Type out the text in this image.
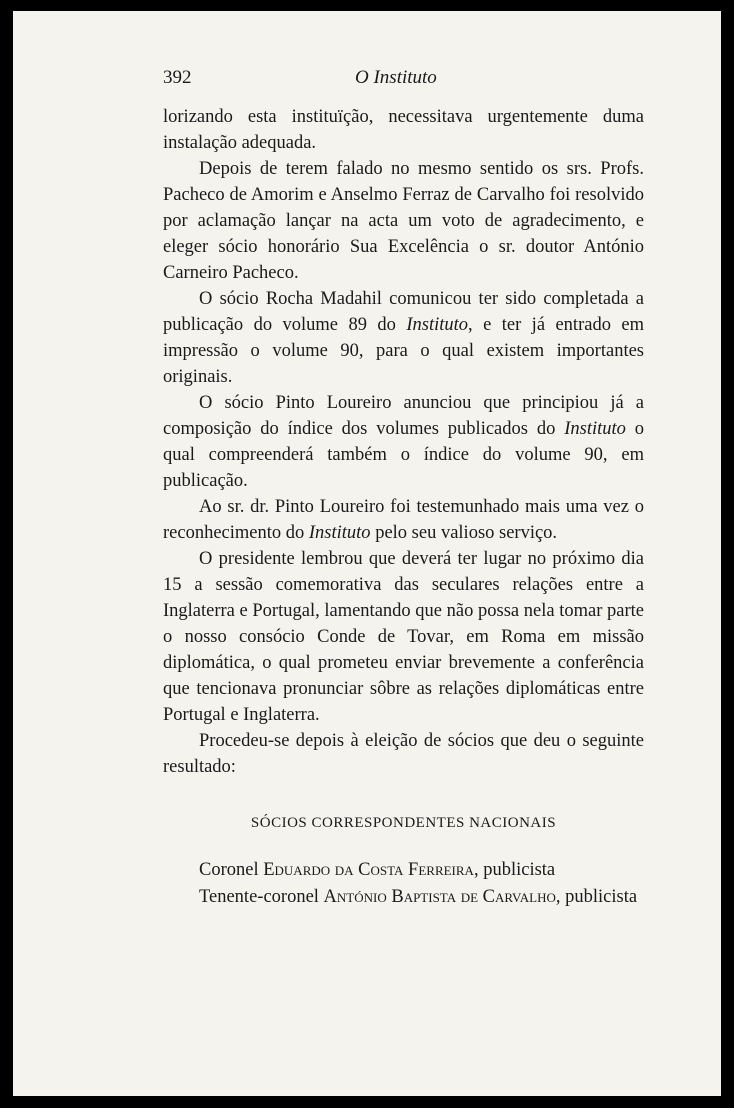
392	O Instituto

lorizando esta instituïção, necessitava urgentemente duma instalação adequada.

Depois de terem falado no mesmo sentido os srs. Profs. Pacheco de Amorim e Anselmo Ferraz de Carvalho foi resolvido por aclamação lançar na acta um voto de agradecimento, e eleger sócio honorário Sua Excelência o sr. doutor António Carneiro Pacheco.

O sócio Rocha Madahil comunicou ter sido completada a publicação do volume 89 do Instituto, e ter já entrado em impressão o volume 90, para o qual existem importantes originais.

O sócio Pinto Loureiro anunciou que principiou já a composição do índice dos volumes publicados do Instituto o qual compreenderá também o índice do volume 90, em publicação.

Ao sr. dr. Pinto Loureiro foi testemunhado mais uma vez o reconhecimento do Instituto pelo seu valioso serviço.

O presidente lembrou que deverá ter lugar no próximo dia 15 a sessão comemorativa das seculares relações entre a Inglaterra e Portugal, lamentando que não possa nela tomar parte o nosso consócio Conde de Tovar, em Roma em missão diplomática, o qual prometeu enviar brevemente a conferência que tencionava pronunciar sôbre as relações diplomáticas entre Portugal e Inglaterra.

Procedeu-se depois à eleição de sócios que deu o seguinte resultado:

SÓCIOS CORRESPONDENTES NACIONAIS

Coronel Eduardo da Costa Ferreira, publicista

Tenente-coronel António Baptista de Carvalho, publicista
